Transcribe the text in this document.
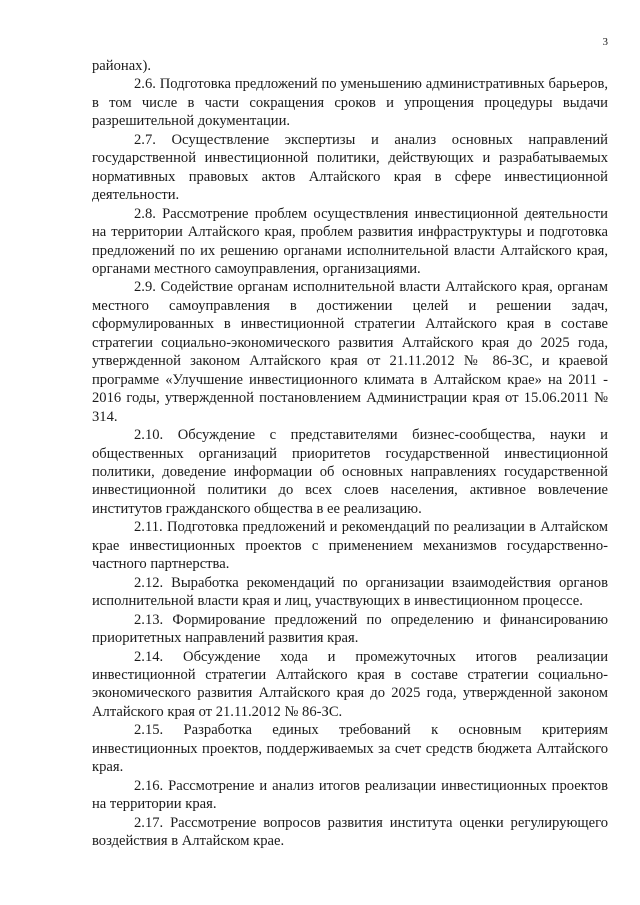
3

районах).

2.6. Подготовка предложений по уменьшению административных барьеров, в том числе в части сокращения сроков и упрощения процедуры выдачи разрешительной документации.

2.7. Осуществление экспертизы и анализ основных направлений государственной инвестиционной политики, действующих и разрабатываемых нормативных правовых актов Алтайского края в сфере инвестиционной деятельности.

2.8. Рассмотрение проблем осуществления инвестиционной деятельности на территории Алтайского края, проблем развития инфраструктуры и подготовка предложений по их решению органами исполнительной власти Алтайского края, органами местного самоуправления, организациями.

2.9. Содействие органам исполнительной власти Алтайского края, органам местного самоуправления в достижении целей и решении задач, сформулированных в инвестиционной стратегии Алтайского края в составе стратегии социально-экономического развития Алтайского края до 2025 года, утвержденной законом Алтайского края от 21.11.2012 № 86-ЗС, и краевой программе «Улучшение инвестиционного климата в Алтайском крае» на 2011 - 2016 годы, утвержденной постановлением Администрации края от 15.06.2011 № 314.

2.10. Обсуждение с представителями бизнес-сообщества, науки и общественных организаций приоритетов государственной инвестиционной политики, доведение информации об основных направлениях государственной инвестиционной политики до всех слоев населения, активное вовлечение институтов гражданского общества в ее реализацию.

2.11. Подготовка предложений и рекомендаций по реализации в Алтайском крае инвестиционных проектов с применением механизмов государственно-частного партнерства.

2.12. Выработка рекомендаций по организации взаимодействия органов исполнительной власти края и лиц, участвующих в инвестиционном процессе.

2.13. Формирование предложений по определению и финансированию приоритетных направлений развития края.

2.14. Обсуждение хода и промежуточных итогов реализации инвестиционной стратегии Алтайского края в составе стратегии социально-экономического развития Алтайского края до 2025 года, утвержденной законом Алтайского края от 21.11.2012 № 86-ЗС.

2.15. Разработка единых требований к основным критериям инвестиционных проектов, поддерживаемых за счет средств бюджета Алтайского края.

2.16. Рассмотрение и анализ итогов реализации инвестиционных проектов на территории края.

2.17. Рассмотрение вопросов развития института оценки регулирующего воздействия в Алтайском крае.
